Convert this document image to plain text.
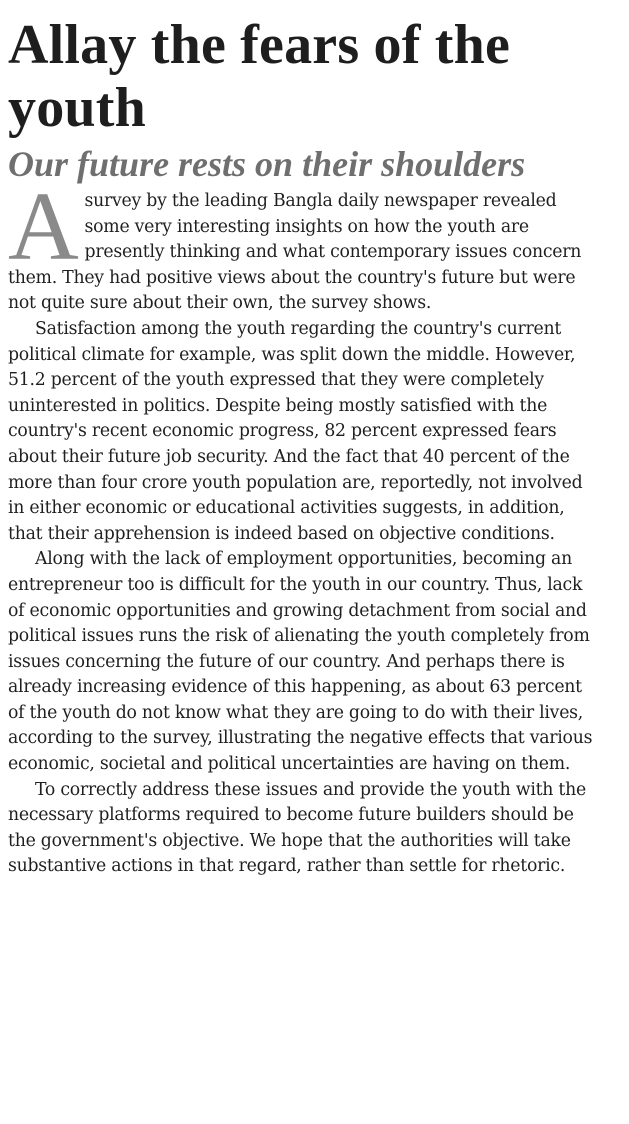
Allay the fears of the youth
Our future rests on their shoulders

A survey by the leading Bangla daily newspaper revealed some very interesting insights on how the youth are presently thinking and what contemporary issues concern them. They had positive views about the country's future but were not quite sure about their own, the survey shows.

Satisfaction among the youth regarding the country's current political climate for example, was split down the middle. However, 51.2 percent of the youth expressed that they were completely uninterested in politics. Despite being mostly satisfied with the country's recent economic progress, 82 percent expressed fears about their future job security. And the fact that 40 percent of the more than four crore youth population are, reportedly, not involved in either economic or educational activities suggests, in addition, that their apprehension is indeed based on objective conditions.

Along with the lack of employment opportunities, becoming an entrepreneur too is difficult for the youth in our country. Thus, lack of economic opportunities and growing detachment from social and political issues runs the risk of alienating the youth completely from issues concerning the future of our country. And perhaps there is already increasing evidence of this happening, as about 63 percent of the youth do not know what they are going to do with their lives, according to the survey, illustrating the negative effects that various economic, societal and political uncertainties are having on them.

To correctly address these issues and provide the youth with the necessary platforms required to become future builders should be the government's objective. We hope that the authorities will take substantive actions in that regard, rather than settle for rhetoric.
